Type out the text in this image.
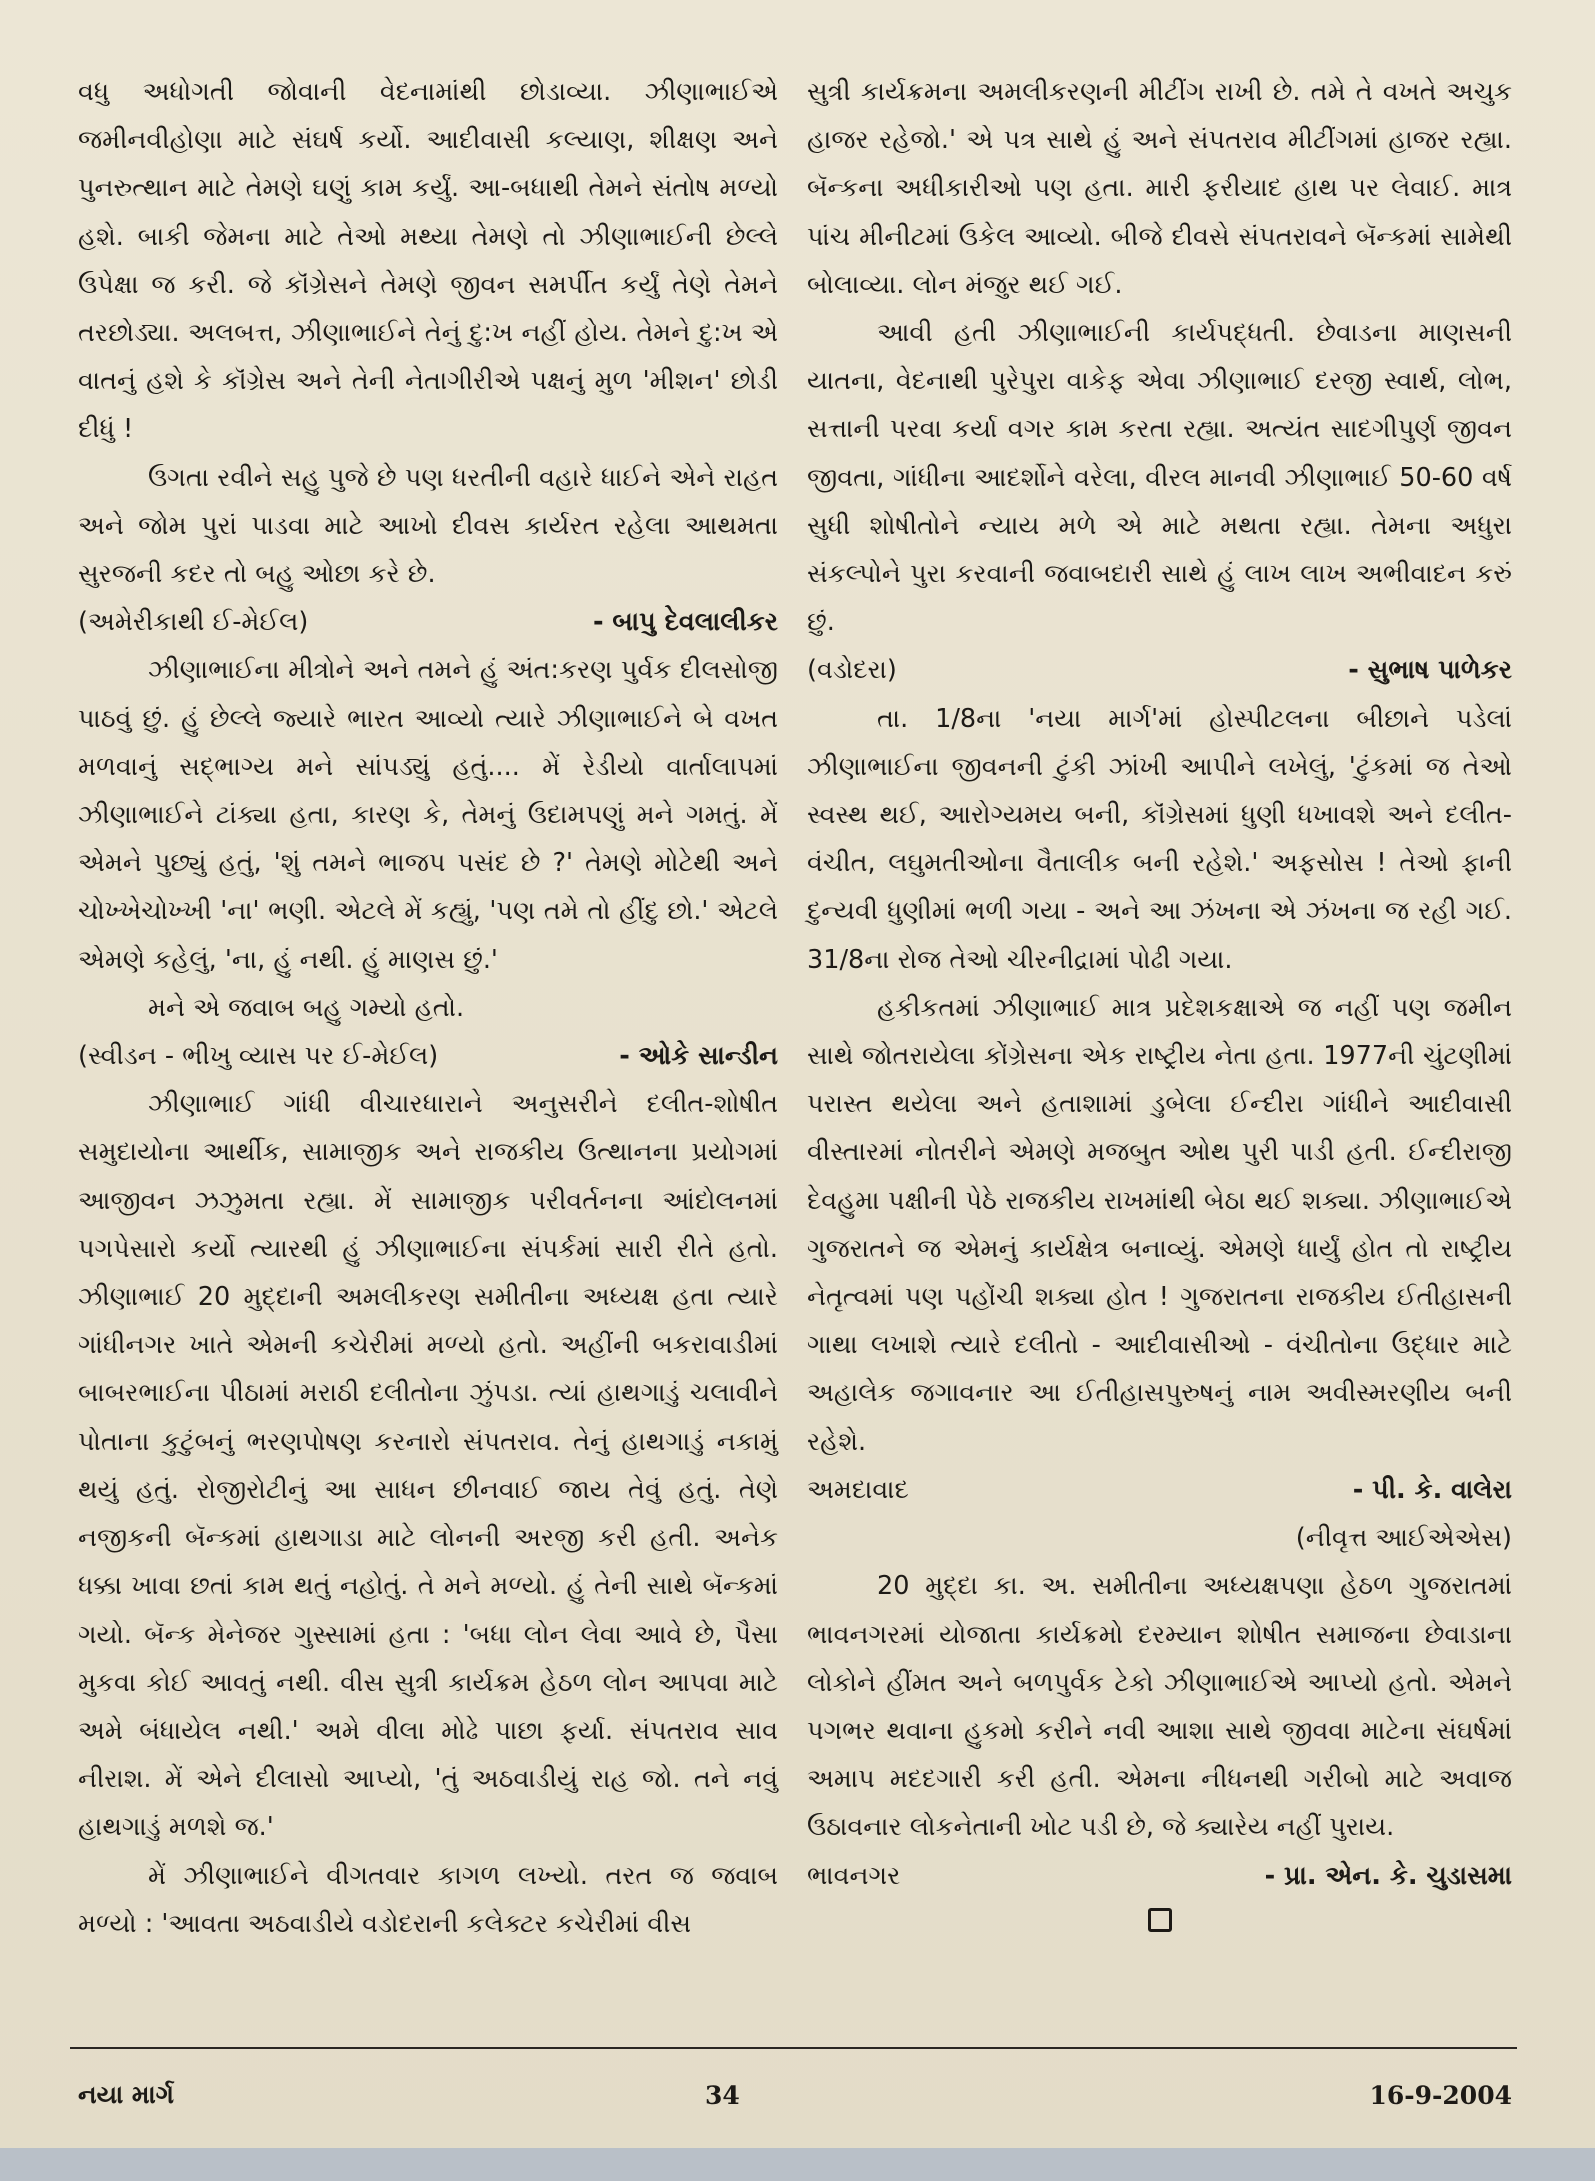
વધુ અધોગતી જોવાની વેદનામાંથી છોડાવ્યા. ઝીણાભાઈએ જમીનવીહોણા માટે સંઘર્ષ કર્યો. આદીવાસી કલ્યાણ, શીક્ષણ અને પુનરુત્થાન માટે તેમણે ઘણું કામ કર્યું. આ-બધાથી તેમને સંતોષ મળ્યો હશે. બાકી જેમના માટે તેઓ મથ્યા તેમણે તો ઝીણાભાઈની છેલ્લે ઉપેક્ષા જ કરી. જે કૉંગ્રેસને તેમણે જીવન સમર્પીત કર્યું તેણે તેમને તરછોડ્યા. અલબત્ત, ઝીણાભાઈને તેનું દુ:ખ નહીં હોય. તેમને દુ:ખ એ વાતનું હશે કે કૉંગ્રેસ અને તેની નેતાગીરીએ પક્ષનું મુળ 'મીશન' છોડી દીધું !

ઉગતા રવીને સહુ પુજે છે પણ ધરતીની વહારે ધાઈને એને રાહત અને જોમ પુરાં પાડવા માટે આખો દીવસ કાર્યરત રહેલા આથમતા સુરજની કદર તો બહુ ઓછા કરે છે.

(અમેરીકાથી ઈ-મેઈલ)	- બાપુ દેવલાલીકર

ઝીણાભાઈના મીત્રોને અને તમને હું અંત:કરણ પુર્વક દીલસોજી પાઠવું છું. હું છેલ્લે જ્યારે ભારત આવ્યો ત્યારે ઝીણાભાઈને બે વખત મળવાનું સદ્ભાગ્ય મને સાંપડ્યું હતું.... મેં રેડીયો વાર્તાલાપમાં ઝીણાભાઈને ટાંક્યા હતા, કારણ કે, તેમનું ઉદામપણું મને ગમતું. મેં એમને પુછ્યું હતું, 'શું તમને ભાજપ પસંદ છે ?' તેમણે મોટેથી અને ચોખ્ખેચોખ્ખી 'ના' ભણી. એટલે મેં કહ્યું, 'પણ તમે તો હીંદુ છો.' એટલે એમણે કહેલું, 'ના, હું નથી. હું માણસ છું.'

મને એ જવાબ બહુ ગમ્યો હતો.

(સ્વીડન - ભીખુ વ્યાસ પર ઈ-મેઈલ)	- ઓકે સાન્ડીન

ઝીણાભાઈ ગાંધી વીચારધારાને અનુસરીને દલીત-શોષીત સમુદાયોના આર્થીક, સામાજીક અને રાજકીય ઉત્થાનના પ્રયોગમાં આજીવન ઝઝુમતા રહ્યા. મેં સામાજીક પરીવર્તનના આંદોલનમાં પગપેસારો કર્યો ત્યારથી હું ઝીણાભાઈના સંપર્કમાં સારી રીતે હતો. ઝીણાભાઈ 20 મુદ્દાની અમલીકરણ સમીતીના અધ્યક્ષ હતા ત્યારે ગાંધીનગર ખાતે એમની કચેરીમાં મળ્યો હતો. અહીંની બકરાવાડીમાં બાબરભાઈના પીઠામાં મરાઠી દલીતોના ઝુંપડા. ત્યાં હાથગાડું ચલાવીને પોતાના કુટુંબનું ભરણપોષણ કરનારો સંપતરાવ. તેનું હાથગાડું નકામું થયું હતું. રોજીરોટીનું આ સાધન છીનવાઈ જાય તેવું હતું. તેણે નજીકની બૅન્કમાં હાથગાડા માટે લોનની અરજી કરી હતી. અનેક ધક્કા ખાવા છતાં કામ થતું નહોતું. તે મને મળ્યો. હું તેની સાથે બૅન્કમાં ગયો. બૅન્ક મેનેજર ગુસ્સામાં હતા : 'બધા લોન લેવા આવે છે, પૈસા મુકવા કોઈ આવતું નથી. વીસ સુત્રી કાર્યક્રમ હેઠળ લોન આપવા માટે અમે બંધાયેલ નથી.' અમે વીલા મોઢે પાછા ફર્યા. સંપતરાવ સાવ નીરાશ. મેં એને દીલાસો આપ્યો, 'તું અઠવાડીયું રાહ જો. તને નવું હાથગાડું મળશે જ.'

મેં ઝીણાભાઈને વીગતવાર કાગળ લખ્યો. તરત જ જવાબ મળ્યો : 'આવતા અઠવાડીયે વડોદરાની કલેક્ટર કચેરીમાં વીસ

સુત્રી કાર્યક્રમના અમલીકરણની મીટીંગ રાખી છે. તમે તે વખતે અચુક હાજર રહેજો.' એ પત્ર સાથે હું અને સંપતરાવ મીટીંગમાં હાજર રહ્યા. બૅન્કના અધીકારીઓ પણ હતા. મારી ફરીયાદ હાથ પર લેવાઈ. માત્ર પાંચ મીનીટમાં ઉકેલ આવ્યો. બીજે દીવસે સંપતરાવને બૅન્કમાં સામેથી બોલાવ્યા. લોન મંજુર થઈ ગઈ.

આવી હતી ઝીણાભાઈની કાર્યપદ્ધતી. છેવાડના માણસની યાતના, વેદનાથી પુરેપુરા વાકેફ એવા ઝીણાભાઈ દરજી સ્વાર્થ, લોભ, સત્તાની પરવા કર્યા વગર કામ કરતા રહ્યા. અત્યંત સાદગીપુર્ણ જીવન જીવતા, ગાંધીના આદર્શોને વરેલા, વીરલ માનવી ઝીણાભાઈ 50-60 વર્ષ સુધી શોષીતોને ન્યાય મળે એ માટે મથતા રહ્યા. તેમના અધુરા સંકલ્પોને પુરા કરવાની જવાબદારી સાથે હું લાખ લાખ અભીવાદન કરું છું.

(વડોદરા)	- સુભાષ પાળેકર

તા. 1/8ના 'નયા માર્ગ'માં હોસ્પીટલના બીછાને પડેલાં ઝીણાભાઈના જીવનની ટુંકી ઝાંખી આપીને લખેલું, 'ટુંકમાં જ તેઓ સ્વસ્થ થઈ, આરોગ્યમય બની, કૉંગ્રેસમાં ધુણી ધખાવશે અને દલીત-વંચીત, લઘુમતીઓના વૈતાલીક બની રહેશે.' અફસોસ ! તેઓ ફાની દુન્યવી ધુણીમાં ભળી ગયા - અને આ ઝંખના એ ઝંખના જ રહી ગઈ. 31/8ના રોજ તેઓ ચીરનીદ્રામાં પોઢી ગયા.

હકીકતમાં ઝીણાભાઈ માત્ર પ્રદેશકક્ષાએ જ નહીં પણ જમીન સાથે જોતરાયેલા કોંગ્રેસના એક રાષ્ટ્રીય નેતા હતા. 1977ની ચુંટણીમાં પરાસ્ત થયેલા અને હતાશામાં ડુબેલા ઈન્દીરા ગાંધીને આદીવાસી વીસ્તારમાં નોતરીને એમણે મજબુત ઓથ પુરી પાડી હતી. ઈન્દીરાજી દેવહુમા પક્ષીની પેઠે રાજકીય રાખમાંથી બેઠા થઈ શક્યા. ઝીણાભાઈએ ગુજરાતને જ એમનું કાર્યક્ષેત્ર બનાવ્યું. એમણે ધાર્યું હોત તો રાષ્ટ્રીય નેતૃત્વમાં પણ પહોંચી શક્યા હોત ! ગુજરાતના રાજકીય ઈતીહાસની ગાથા લખાશે ત્યારે દલીતો - આદીવાસીઓ - વંચીતોના ઉદ્ધાર માટે અહાલેક જગાવનાર આ ઈતીહાસપુરુષનું નામ અવીસ્મરણીય બની રહેશે.

અમદાવાદ	- પી. કે. વાલેરા
(નીવૃત્ત આઈએએસ)

20 મુદ્દા કા. અ. સમીતીના અધ્યક્ષપણા હેઠળ ગુજરાતમાં ભાવનગરમાં યોજાતા કાર્યક્રમો દરમ્યાન શોષીત સમાજના છેવાડાના લોકોને હીંમત અને બળપુર્વક ટેકો ઝીણાભાઈએ આપ્યો હતો. એમને પગભર થવાના હુકમો કરીને નવી આશા સાથે જીવવા માટેના સંઘર્ષમાં અમાપ મદદગારી કરી હતી. એમના નીધનથી ગરીબો માટે અવાજ ઉઠાવનાર લોકનેતાની ખોટ પડી છે, જે ક્યારેય નહીં પુરાય.

ભાવનગર	- પ્રા. એન. કે. ચુડાસમા
નયા માર્ગ	34	16-9-2004
